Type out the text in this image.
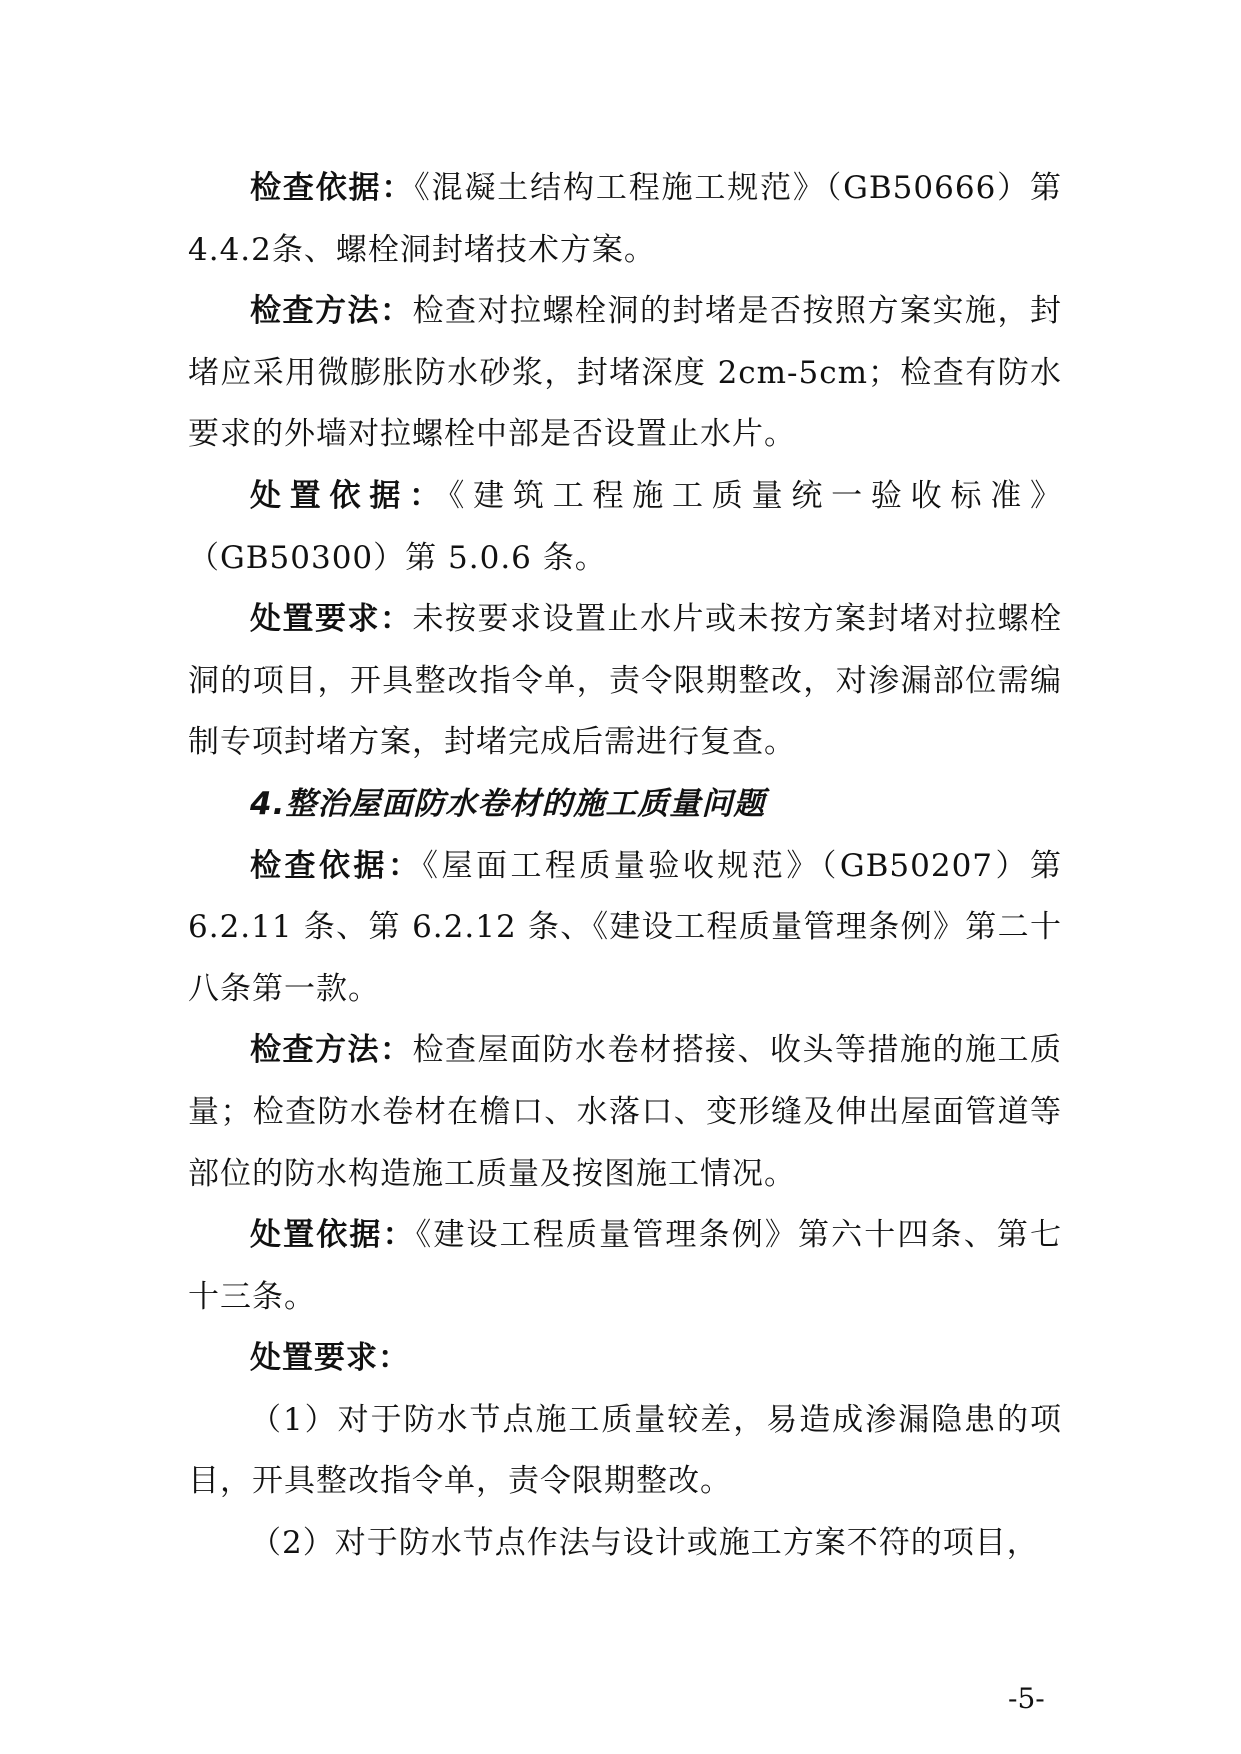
检查依据：《混凝土结构工程施工规范》（GB50666）第4.4.2条、螺栓洞封堵技术方案。

检查方法：检查对拉螺栓洞的封堵是否按照方案实施，封堵应采用微膨胀防水砂浆，封堵深度 2cm-5cm；检查有防水要求的外墙对拉螺栓中部是否设置止水片。

处置依据：《建筑工程施工质量统一验收标准》（GB50300）第 5.0.6 条。

处置要求：未按要求设置止水片或未按方案封堵对拉螺栓洞的项目，开具整改指令单，责令限期整改，对渗漏部位需编制专项封堵方案，封堵完成后需进行复查。

4.整治屋面防水卷材的施工质量问题

检查依据：《屋面工程质量验收规范》（GB50207）第6.2.11 条、第 6.2.12 条、《建设工程质量管理条例》第二十八条第一款。

检查方法：检查屋面防水卷材搭接、收头等措施的施工质量；检查防水卷材在檐口、水落口、变形缝及伸出屋面管道等部位的防水构造施工质量及按图施工情况。

处置依据：《建设工程质量管理条例》第六十四条、第七十三条。

处置要求：

（1）对于防水节点施工质量较差，易造成渗漏隐患的项目，开具整改指令单，责令限期整改。

（2）对于防水节点作法与设计或施工方案不符的项目，

-5-
